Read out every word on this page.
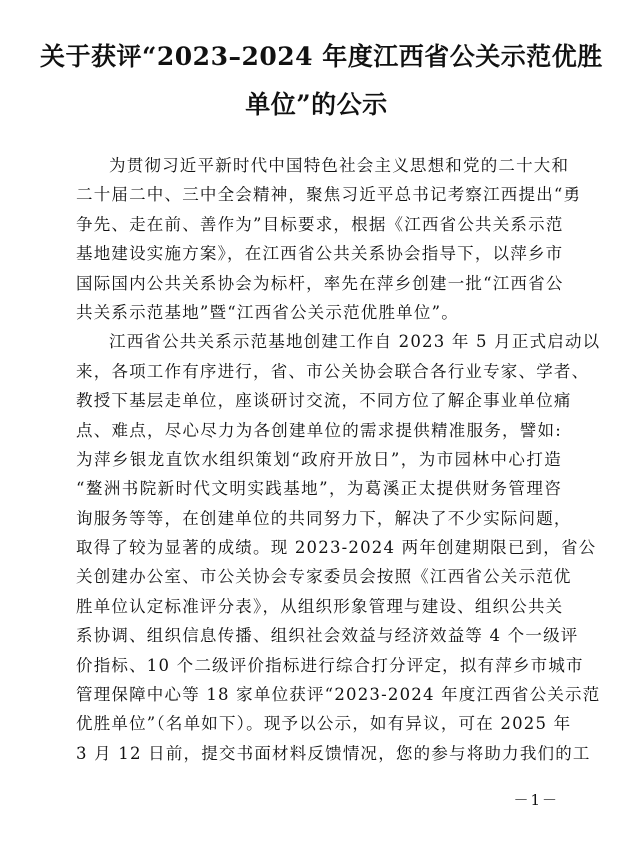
关于获评“2023–2024 年度江西省公关示范优胜
单位”的公示
为贯彻习近平新时代中国特色社会主义思想和党的二十大和
二十届二中、三中全会精神，聚焦习近平总书记考察江西提出“勇
争先、走在前、善作为”目标要求，根据《江西省公共关系示范
基地建设实施方案》，在江西省公共关系协会指导下，以萍乡市
国际国内公共关系协会为标杆，率先在萍乡创建一批“江西省公
共关系示范基地”暨“江西省公关示范优胜单位”。
江西省公共关系示范基地创建工作自 2023 年 5 月正式启动以
来，各项工作有序进行，省、市公关协会联合各行业专家、学者、
教授下基层走单位，座谈研讨交流，不同方位了解企事业单位痛
点、难点，尽心尽力为各创建单位的需求提供精准服务，譬如:
为萍乡银龙直饮水组织策划“政府开放日”，为市园林中心打造
“鳌洲书院新时代文明实践基地”，为葛溪正太提供财务管理咨
询服务等等，在创建单位的共同努力下，解决了不少实际问题，
取得了较为显著的成绩。现 2023-2024 两年创建期限已到，省公
关创建办公室、市公关协会专家委员会按照《江西省公关示范优
胜单位认定标准评分表》，从组织形象管理与建设、组织公共关
系协调、组织信息传播、组织社会效益与经济效益等 4 个一级评
价指标、10 个二级评价指标进行综合打分评定，拟有萍乡市城市
管理保障中心等 18 家单位获评“2023-2024 年度江西省公关示范
优胜单位”（名单如下）。现予以公示，如有异议，可在 2025 年
3 月 12 日前，提交书面材料反馈情况，您的参与将助力我们的工
－1－
